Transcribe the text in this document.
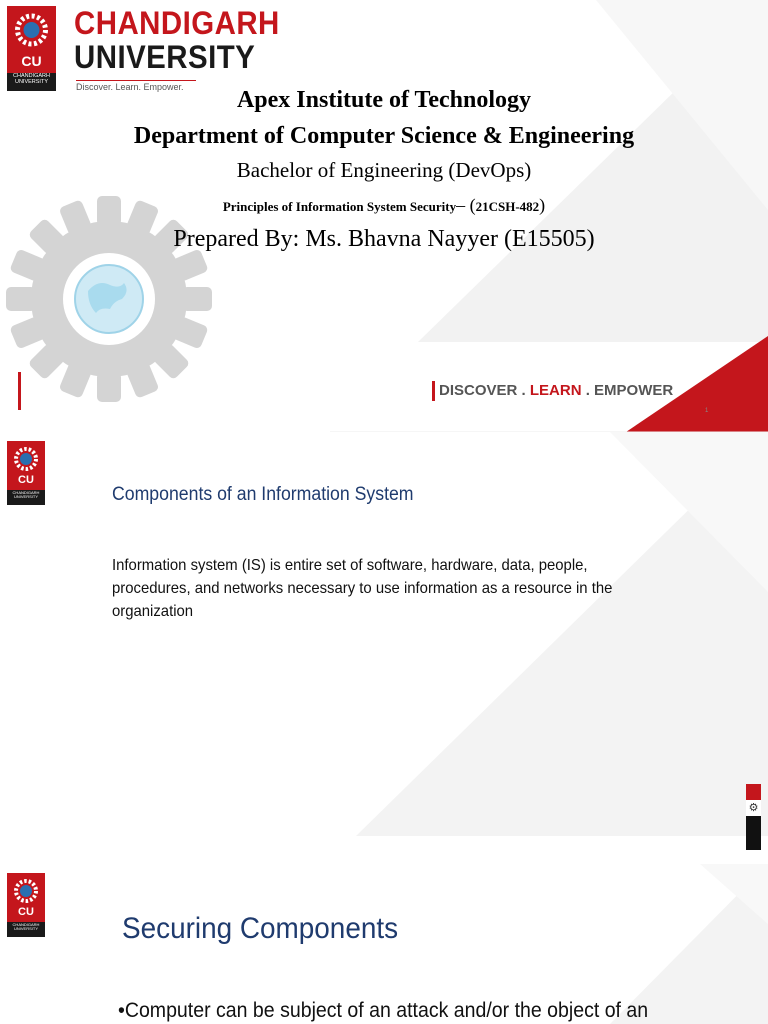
CU
CHANDIGARH UNIVERSITY
CHANDIGARH
UNIVERSITY
Discover. Learn. Empower.	Apex Institute of Technology
Department of Computer Science & Engineering
Bachelor of Engineering (DevOps)
Principles of Information System Security– (21CSH-482)
Prepared By: Ms. Bhavna Nayyer (E15505)
DISCOVER . LEARN . EMPOWER
1
CU
CHANDIGARH UNIVERSITY	Components of an Information System
Information system (IS) is entire set of software, hardware, data, people,
procedures, and networks necessary to use information as a resource in the
organization
⚙
CU
CHANDIGARH UNIVERSITY	Securing Components
•Computer can be subject of an attack and/or the object of an
